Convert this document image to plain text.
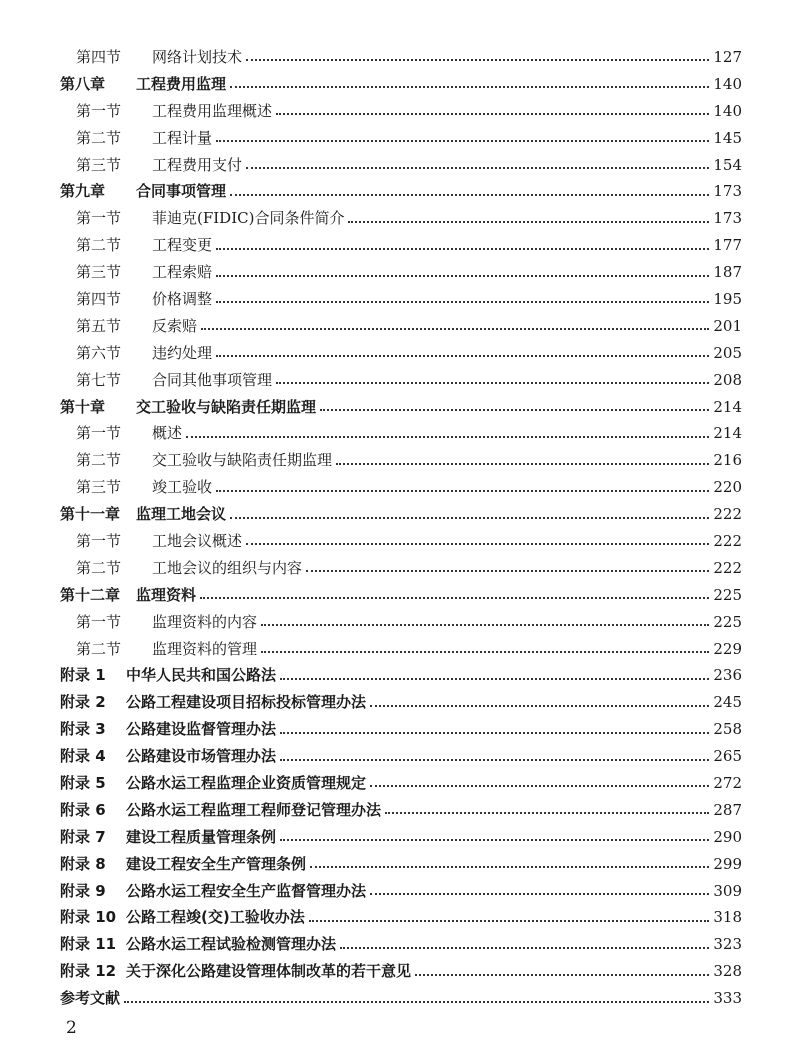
第四节	网络计划技术	127
第八章	工程费用监理	140
第一节	工程费用监理概述	140
第二节	工程计量	145
第三节	工程费用支付	154
第九章	合同事项管理	173
第一节	菲迪克(FIDIC)合同条件简介	173
第二节	工程变更	177
第三节	工程索赔	187
第四节	价格调整	195
第五节	反索赔	201
第六节	违约处理	205
第七节	合同其他事项管理	208
第十章	交工验收与缺陷责任期监理	214
第一节	概述	214
第二节	交工验收与缺陷责任期监理	216
第三节	竣工验收	220
第十一章 监理工地会议	222
第一节	工地会议概述	222
第二节	工地会议的组织与内容	222
第十二章 监理资料	225
第一节	监理资料的内容	225
第二节	监理资料的管理	229
附录 1	中华人民共和国公路法	236
附录 2	公路工程建设项目招标投标管理办法	245
附录 3	公路建设监督管理办法	258
附录 4	公路建设市场管理办法	265
附录 5	公路水运工程监理企业资质管理规定	272
附录 6	公路水运工程监理工程师登记管理办法	287
附录 7	建设工程质量管理条例	290
附录 8	建设工程安全生产管理条例	299
附录 9	公路水运工程安全生产监督管理办法	309
附录 10 公路工程竣(交)工验收办法	318
附录 11 公路水运工程试验检测管理办法	323
附录 12 关于深化公路建设管理体制改革的若干意见	328
参考文献	333
2
